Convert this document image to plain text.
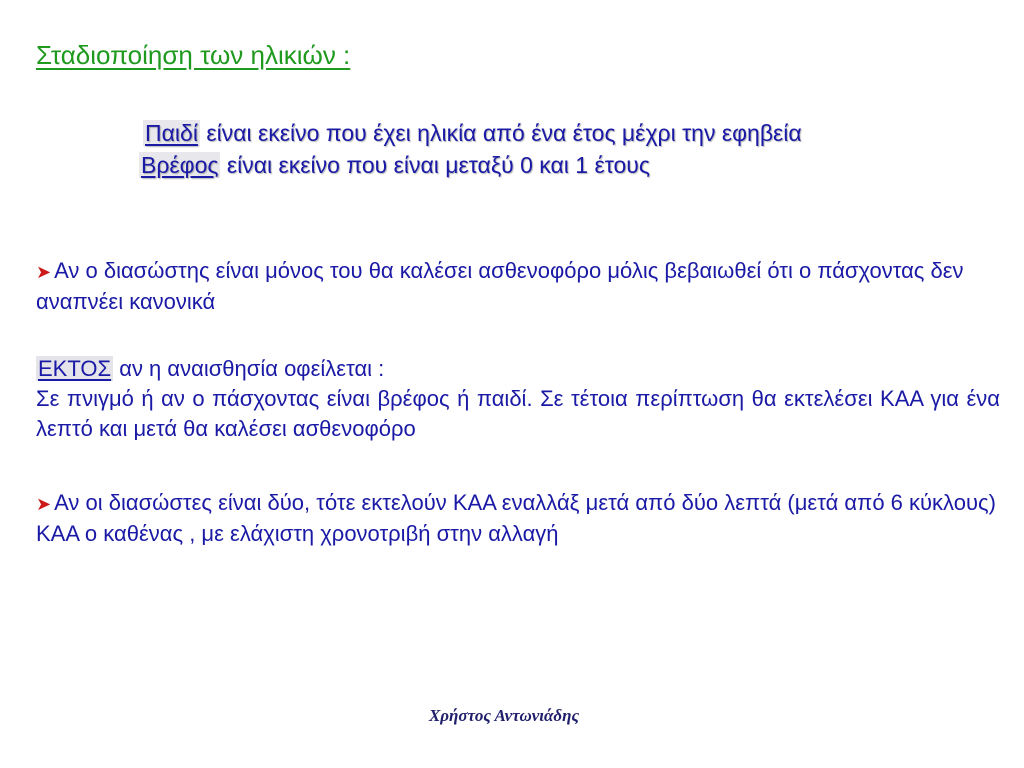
Σταδιοποίηση των ηλικιών :
Παιδί είναι εκείνο που έχει ηλικία από ένα έτος μέχρι την εφηβεία
Βρέφος είναι εκείνο που είναι μεταξύ 0 και 1 έτους
➤ Αν ο διασώστης είναι μόνος του θα καλέσει ασθενοφόρο μόλις βεβαιωθεί ότι ο πάσχοντας δεν αναπνέει κανονικά
ΕΚΤΟΣ αν η αναισθησία οφείλεται :
Σε πνιγμό ή αν ο πάσχοντας είναι βρέφος ή παιδί. Σε τέτοια περίπτωση θα εκτελέσει ΚΑΑ για ένα λεπτό και μετά θα καλέσει ασθενοφόρο
➤ Αν οι διασώστες είναι δύο, τότε εκτελούν ΚΑΑ εναλλάξ μετά από δύο λεπτά (μετά από 6 κύκλους) ΚΑΑ ο καθένας , με ελάχιστη χρονοτριβή στην αλλαγή
Χρήστος Αντωνιάδης
